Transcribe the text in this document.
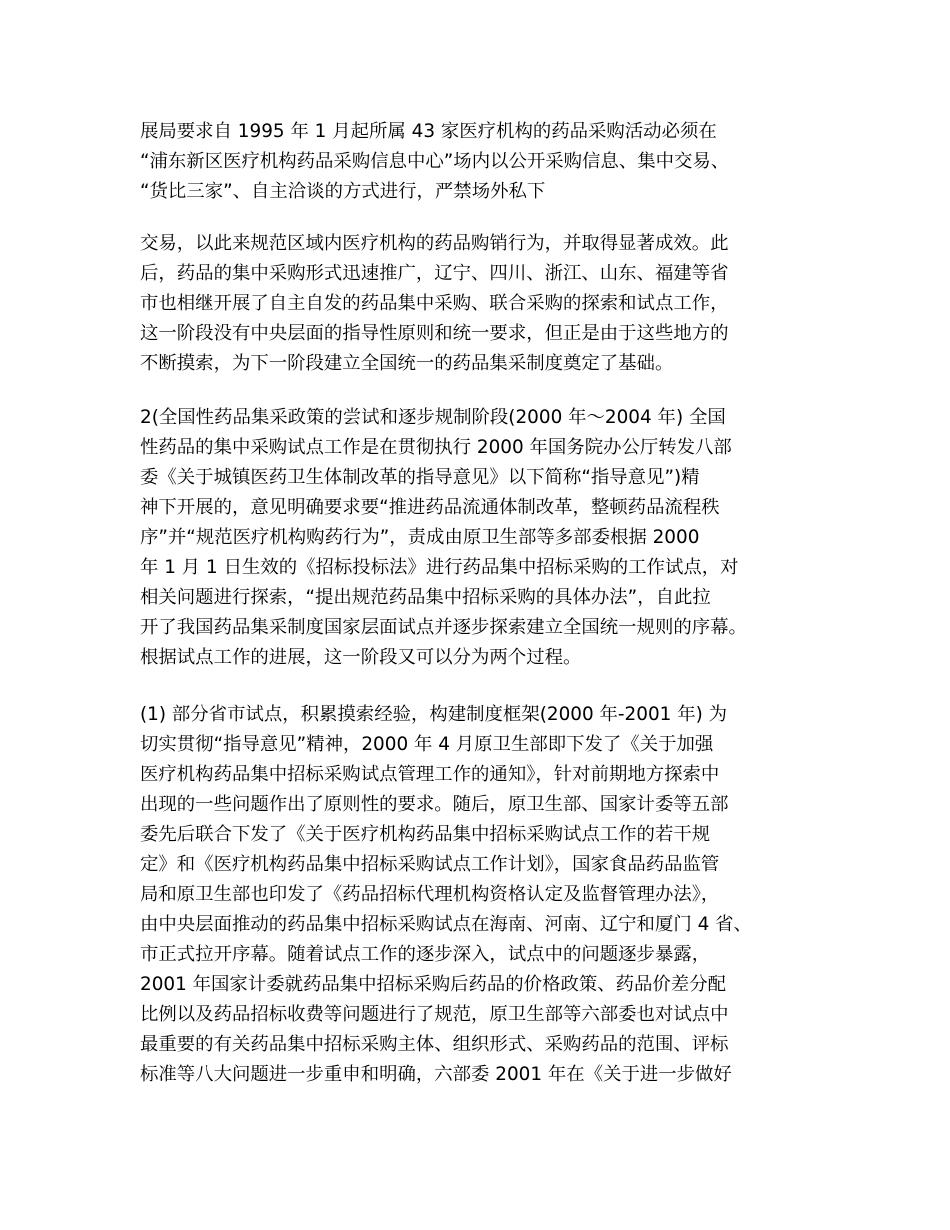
展局要求自 1995 年 1 月起所属 43 家医疗机构的药品采购活动必须在
“浦东新区医疗机构药品采购信息中心”场内以公开采购信息、集中交易、
“货比三家”、自主洽谈的方式进行，严禁场外私下
交易，以此来规范区域内医疗机构的药品购销行为，并取得显著成效。此
后，药品的集中采购形式迅速推广，辽宁、四川、浙江、山东、福建等省
市也相继开展了自主自发的药品集中采购、联合采购的探索和试点工作，
这一阶段没有中央层面的指导性原则和统一要求，但正是由于这些地方的
不断摸索，为下一阶段建立全国统一的药品集采制度奠定了基础。
2(全国性药品集采政策的尝试和逐步规制阶段(2000 年〜2004 年) 全国
性药品的集中采购试点工作是在贯彻执行 2000 年国务院办公厅转发八部
委《关于城镇医药卫生体制改革的指导意见》以下简称“指导意见”)精
神下开展的，意见明确要求要“推进药品流通体制改革，整顿药品流程秩
序”并“规范医疗机构购药行为”，责成由原卫生部等多部委根据 2000
年 1 月 1 日生效的《招标投标法》进行药品集中招标采购的工作试点，对
相关问题进行探索，“提出规范药品集中招标采购的具体办法”，自此拉
开了我国药品集采制度国家层面试点并逐步探索建立全国统一规则的序幕。
根据试点工作的进展，这一阶段又可以分为两个过程。
(1) 部分省市试点，积累摸索经验，构建制度框架(2000 年-2001 年) 为
切实贯彻“指导意见”精神，2000 年 4 月原卫生部即下发了《关于加强
医疗机构药品集中招标采购试点管理工作的通知》，针对前期地方探索中
出现的一些问题作出了原则性的要求。随后，原卫生部、国家计委等五部
委先后联合下发了《关于医疗机构药品集中招标采购试点工作的若干规
定》和《医疗机构药品集中招标采购试点工作计划》，国家食品药品监管
局和原卫生部也印发了《药品招标代理机构资格认定及监督管理办法》，
由中央层面推动的药品集中招标采购试点在海南、河南、辽宁和厦门 4 省、
市正式拉开序幕。随着试点工作的逐步深入，试点中的问题逐步暴露，
2001 年国家计委就药品集中招标采购后药品的价格政策、药品价差分配
比例以及药品招标收费等问题进行了规范，原卫生部等六部委也对试点中
最重要的有关药品集中招标采购主体、组织形式、采购药品的范围、评标
标准等八大问题进一步重申和明确，六部委 2001 年在《关于进一步做好
